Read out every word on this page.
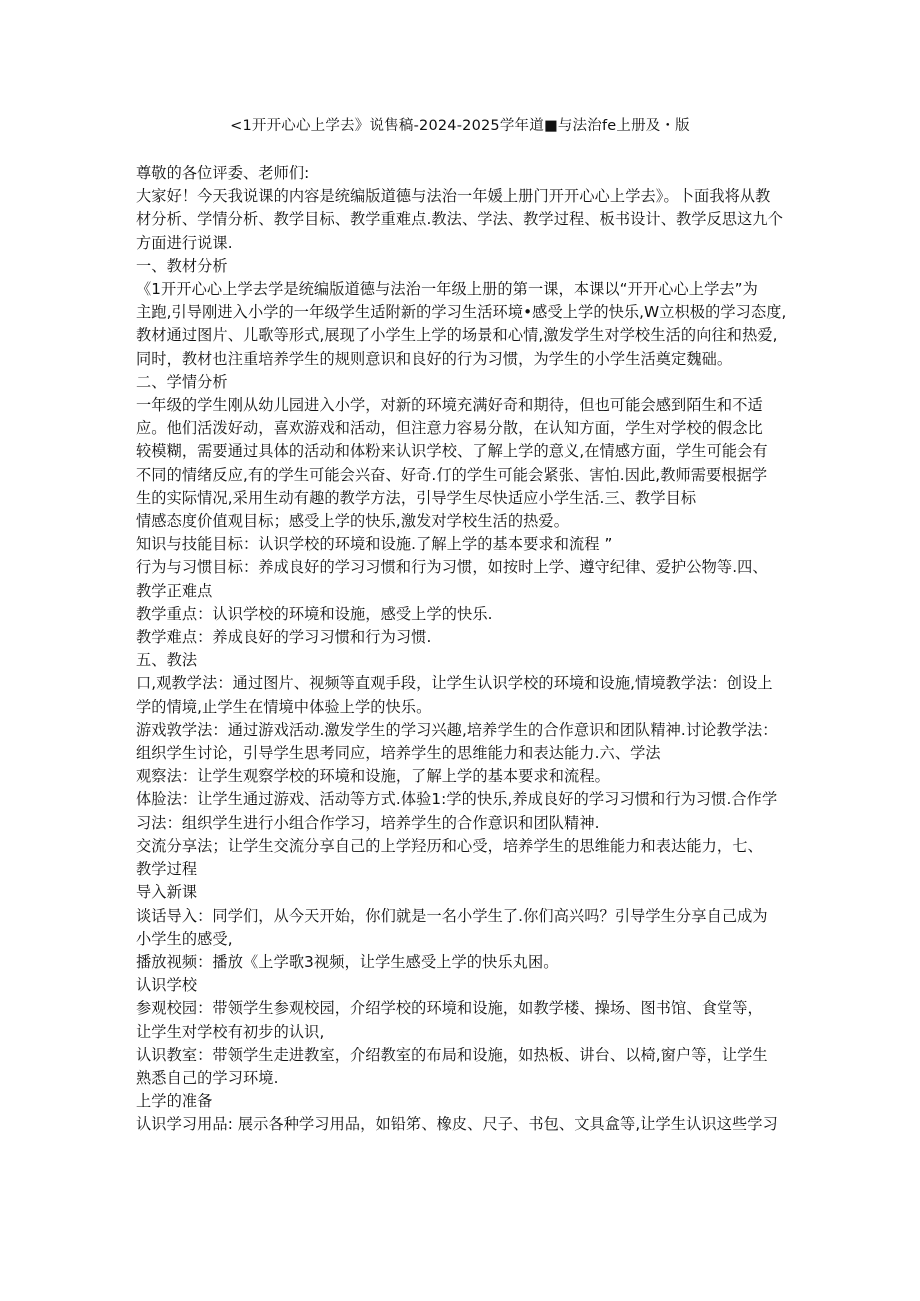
<1开开心心上学去》说售稿-2024-2025学年道■与法治fe上册及・版

尊敬的各位评委、老师们:

大家好！今天我说课的内容是统编版道德与法治一年媛上册门开开心心上学去》。卜面我将从教

材分析、学情分析、教学目标、教学重难点.教法、学法、教学过程、板书设计、教学反思这九个

方面进行说课.

一、教材分析

《1开开心心上学去学是统编版道德与法治一年级上册的第一课，本课以“开开心心上学去”为

主跑,引导刚进入小学的一年级学生适附新的学习生活环境•感受上学的快乐,W立枳极的学习态度,

教材通过图片、儿歌等形式,展现了小学生上学的场景和心情,激发学生对学校生活的向往和热爱,

同时，教材也注重培养学生的规则意识和良好的行为习惯，为学生的小学生活奠定魏础。

二、学情分析

一年级的学生刚从幼儿园进入小学，对新的环境充满好奇和期待，但也可能会感到陌生和不适

应。他们活泼好动，喜欢游戏和活动，但注意力容易分散，在认知方面，学生对学校的假念比

较模糊，需要通过具体的活动和体粉来认识学校、了解上学的意义,在情感方面，学生可能会有

不同的情绪反应,有的学生可能会兴奋、好奇.仃的学生可能会紧张、害怕.因此,教师需要根据学

生的实际情况,采用生动有趣的教学方法，引导学生尽快适应小学生活.三、教学目标

情感态度价值观目标；感受上学的快乐,激发对学校生活的热爱。

知识与技能目标：认识学校的环境和设施.了解上学的基本要求和流程 ”

行为与习惯目标：养成良好的学习习惯和行为习惯，如按时上学、遵守纪律、爱护公物等.四、

教学正难点

教学重点：认识学校的环境和设施，感受上学的快乐.

教学难点：养成良好的学习习惯和行为习惯.

五、教法

口,观教学法：通过图片、视频等直观手段，让学生认识学校的环境和设施,情境教学法：创设上

学的情境,止学生在情境中体验上学的快乐。

游戏敦学法：通过游戏活动.激发学生的学习兴趣,培养学生的合作意识和团队精神.讨论教学法：

组织学生讨论，引导学生思考同应，培养学生的思维能力和表达能力.六、学法

观察法：让学生观察学校的环境和设施，了解上学的基本要求和流程。

体脸法：让学生通过游戏、活动等方式.体验1:学的快乐,养成良好的学习习惯和行为习惯.合作学

习法：组织学生进行小组合作学习，培养学生的合作意识和团队精神.

交流分享法；让学生交流分享自己的上学羟历和心受，培养学生的思维能力和表达能力，七、

教学过程

导入新课

谈话导入：同学们，从今天开始，你们就是一名小学生了.你们高兴吗？引导学生分享自己成为

小学生的感受,

播放视频：播放《上学歌3视频，让学生感受上学的快乐丸困。

认识学校

参观校园：带领学生参观校园，介绍学校的环境和设施，如教学楼、操场、图书馆、食堂等，

让学生对学校有初步的认识,

认识教室：带领学生走进教室，介绍教室的布局和设施，如热板、讲台、以椅,窗户等，让学生

熟悉自己的学习环境.

上学的准备

认识学习用品: 展示各种学习用品，如铅笫、橡皮、尺子、书包、文具盒等,让学生认识这些学习
